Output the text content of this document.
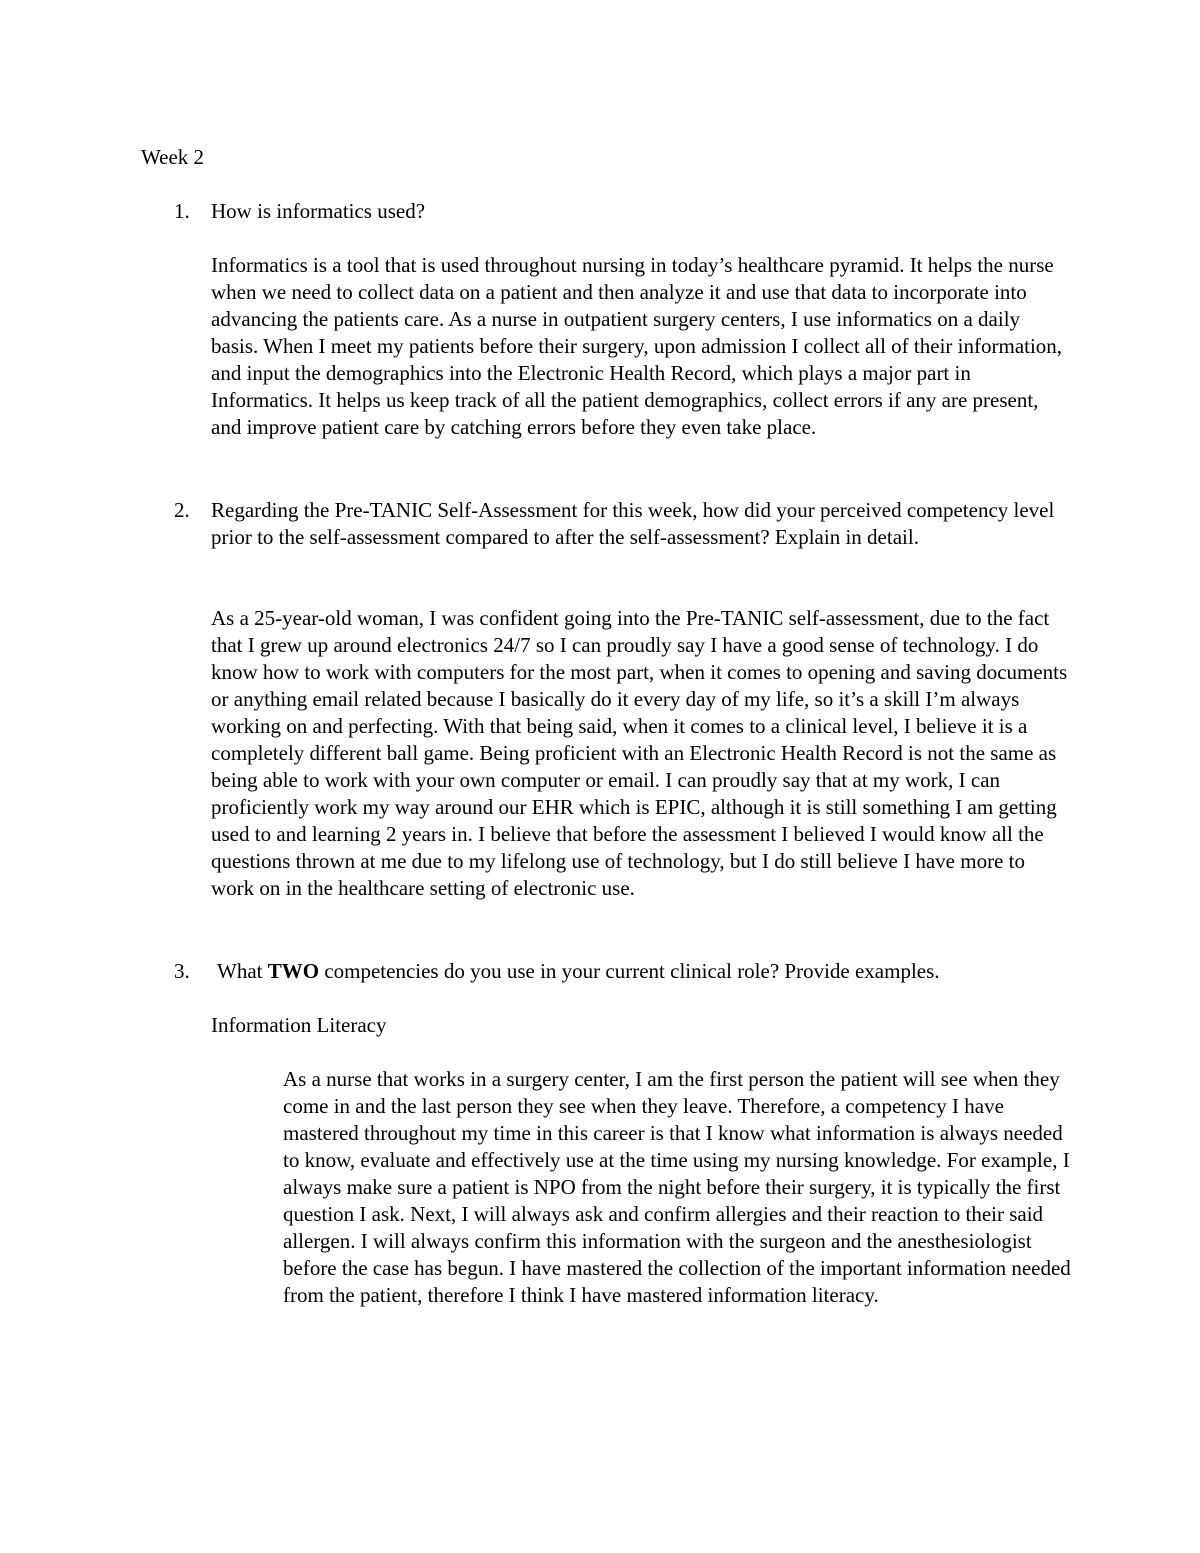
Week 2

1. How is informatics used?

Informatics is a tool that is used throughout nursing in today’s healthcare pyramid. It helps the nurse when we need to collect data on a patient and then analyze it and use that data to incorporate into advancing the patients care. As a nurse in outpatient surgery centers, I use informatics on a daily basis. When I meet my patients before their surgery, upon admission I collect all of their information, and input the demographics into the Electronic Health Record, which plays a major part in Informatics. It helps us keep track of all the patient demographics, collect errors if any are present, and improve patient care by catching errors before they even take place.

2. Regarding the Pre-TANIC Self-Assessment for this week, how did your perceived competency level prior to the self-assessment compared to after the self-assessment? Explain in detail.

As a 25-year-old woman, I was confident going into the Pre-TANIC self-assessment, due to the fact that I grew up around electronics 24/7 so I can proudly say I have a good sense of technology. I do know how to work with computers for the most part, when it comes to opening and saving documents or anything email related because I basically do it every day of my life, so it’s a skill I’m always working on and perfecting. With that being said, when it comes to a clinical level, I believe it is a completely different ball game. Being proficient with an Electronic Health Record is not the same as being able to work with your own computer or email. I can proudly say that at my work, I can proficiently work my way around our EHR which is EPIC, although it is still something I am getting used to and learning 2 years in. I believe that before the assessment I believed I would know all the questions thrown at me due to my lifelong use of technology, but I do still believe I have more to work on in the healthcare setting of electronic use.

3. What TWO competencies do you use in your current clinical role? Provide examples.

Information Literacy

As a nurse that works in a surgery center, I am the first person the patient will see when they come in and the last person they see when they leave. Therefore, a competency I have mastered throughout my time in this career is that I know what information is always needed to know, evaluate and effectively use at the time using my nursing knowledge. For example, I always make sure a patient is NPO from the night before their surgery, it is typically the first question I ask. Next, I will always ask and confirm allergies and their reaction to their said allergen. I will always confirm this information with the surgeon and the anesthesiologist before the case has begun. I have mastered the collection of the important information needed from the patient, therefore I think I have mastered information literacy.
